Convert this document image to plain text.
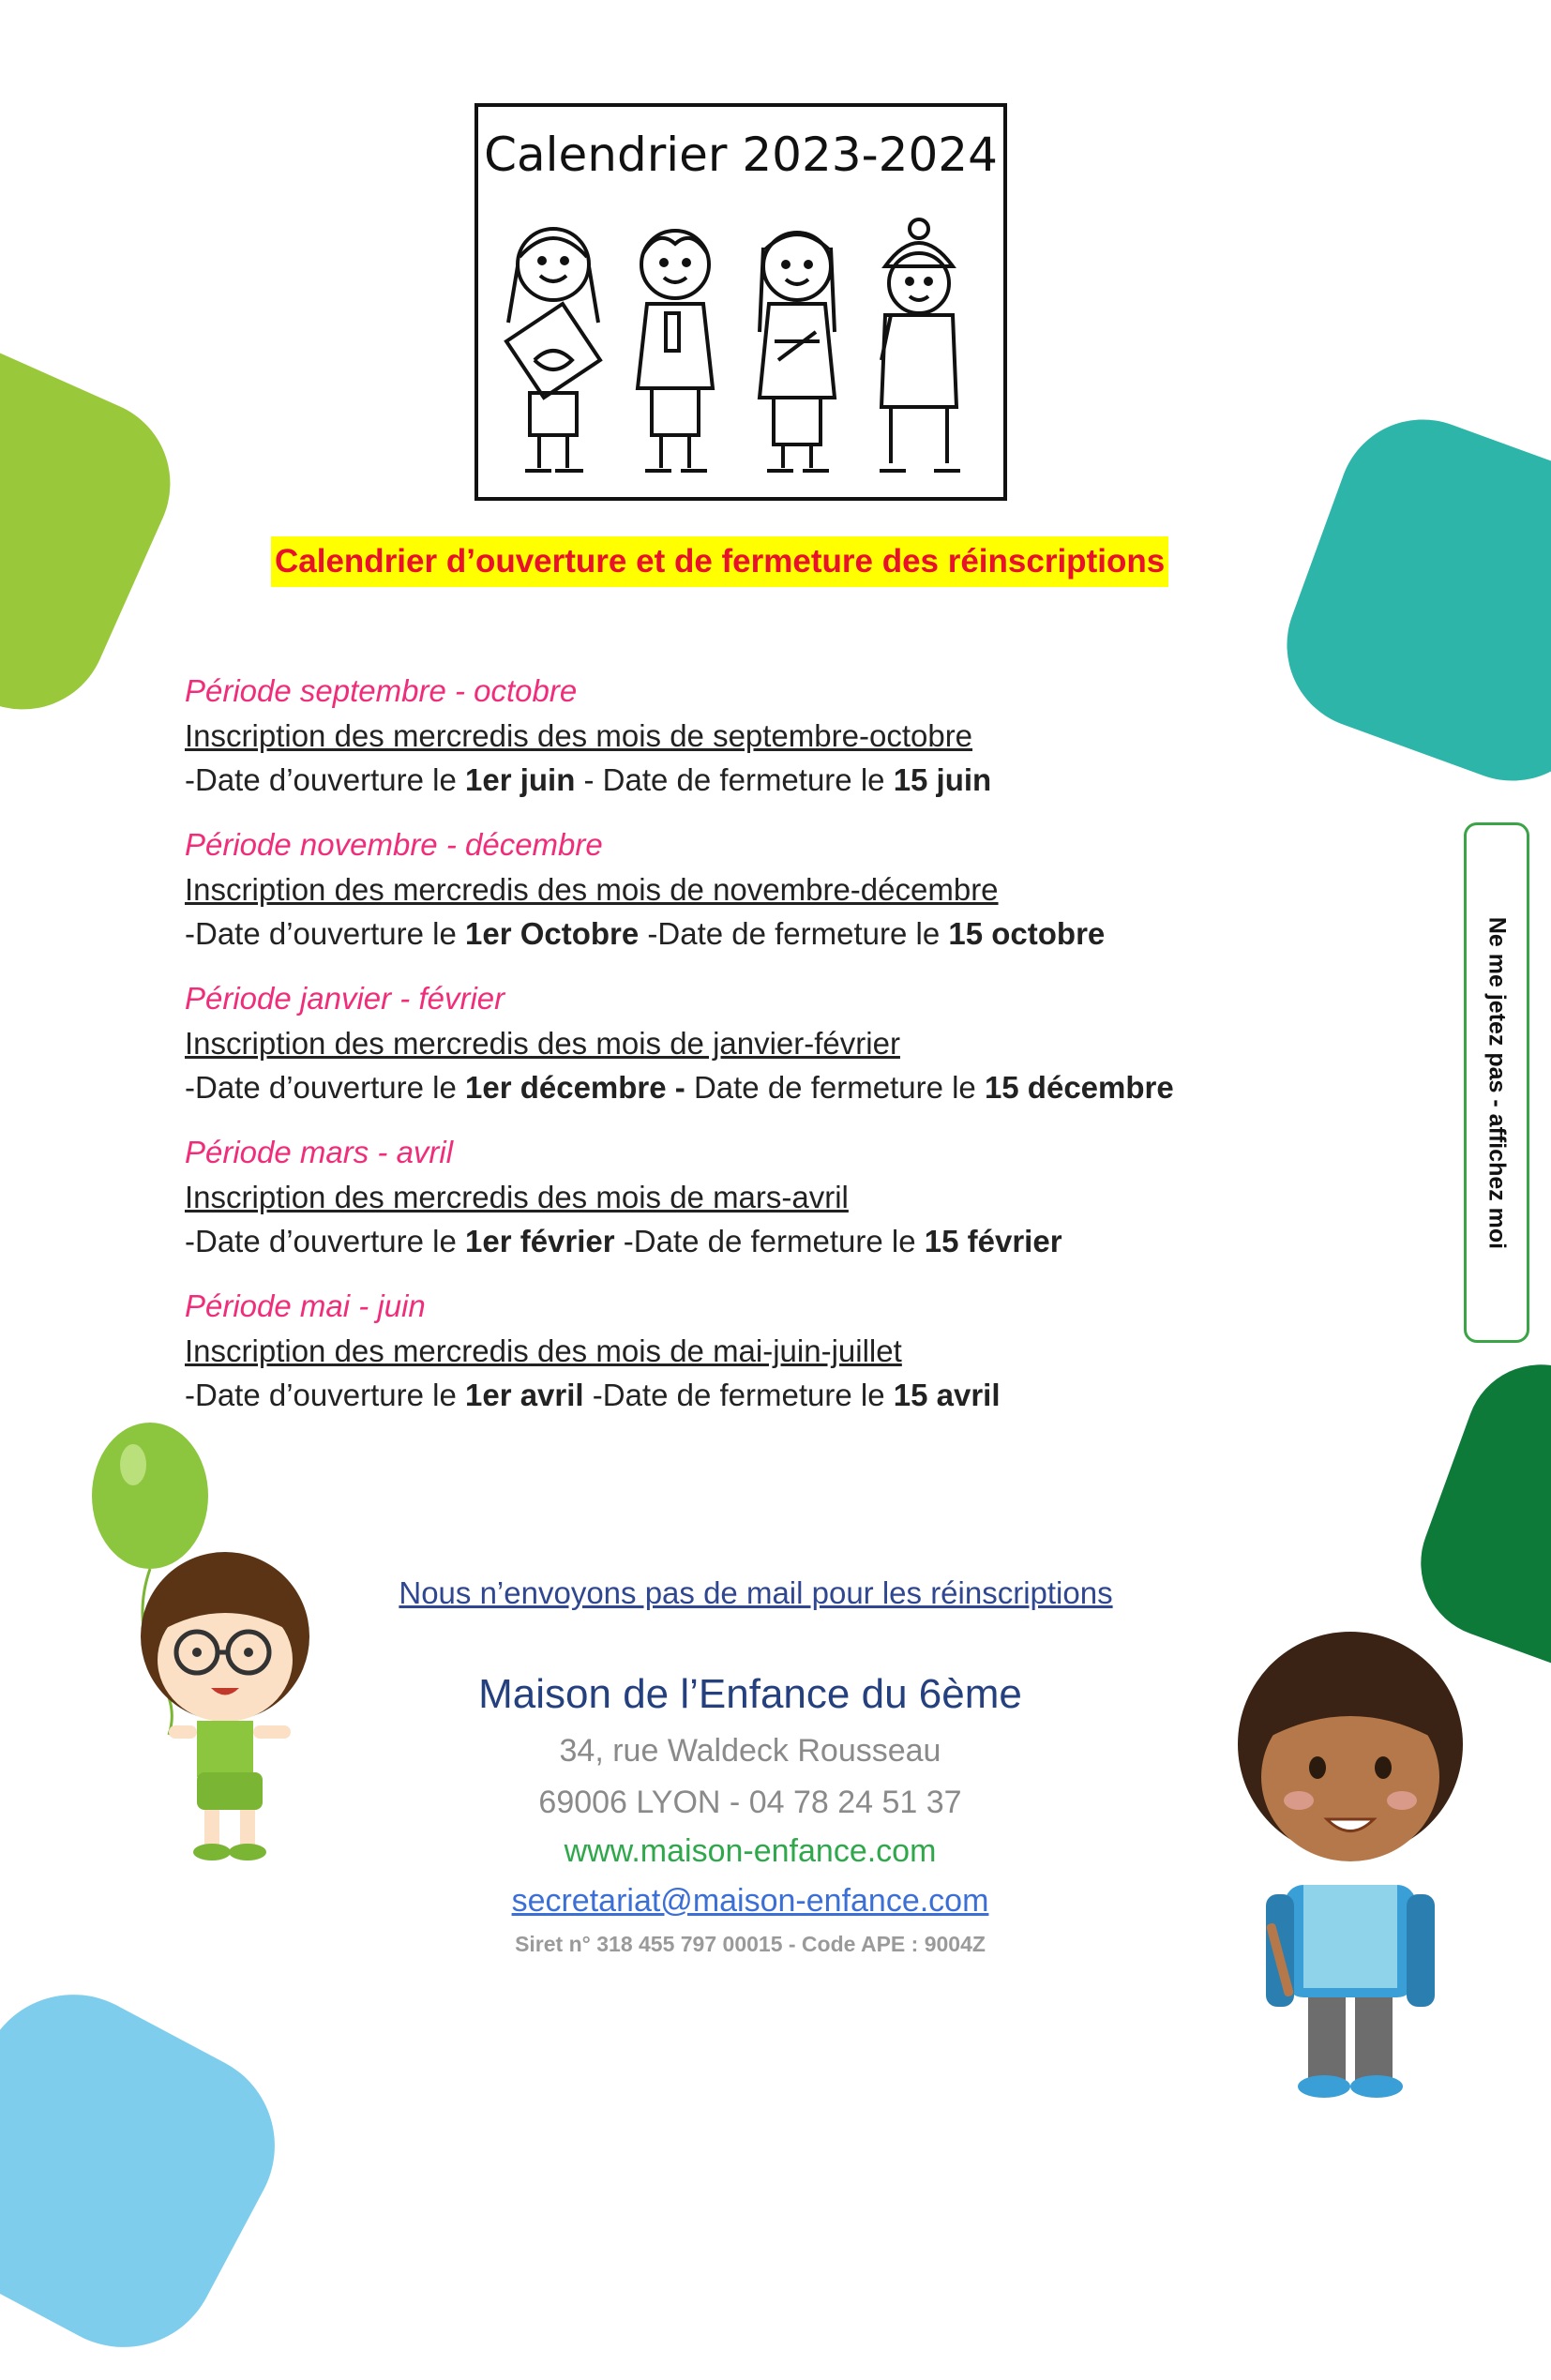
Calendrier 2023-2024
Calendrier d’ouverture et de fermeture des réinscriptions
Période septembre - octobre
Inscription des mercredis des mois de septembre-octobre
-Date d’ouverture le 1er juin - Date de fermeture le 15 juin
Période novembre - décembre
Inscription des mercredis des mois de novembre-décembre
-Date d’ouverture le 1er Octobre -Date de fermeture le 15 octobre
Période janvier - février
Inscription des mercredis des mois de janvier-février
-Date d’ouverture le 1er décembre - Date de fermeture le 15 décembre
Période mars - avril
Inscription des mercredis des mois de mars-avril
-Date d’ouverture le 1er février -Date de fermeture le 15 février
Période mai - juin
Inscription des mercredis des mois de mai-juin-juillet
-Date d’ouverture le 1er avril -Date de fermeture le 15 avril
Ne me jetez pas - affichez moi
Nous n’envoyons pas de mail pour les réinscriptions
Maison de l’Enfance du 6ème
34, rue Waldeck Rousseau
69006 LYON - 04 78 24 51 37
www.maison-enfance.com
secretariat@maison-enfance.com
Siret n° 318 455 797 00015 - Code APE : 9004Z
